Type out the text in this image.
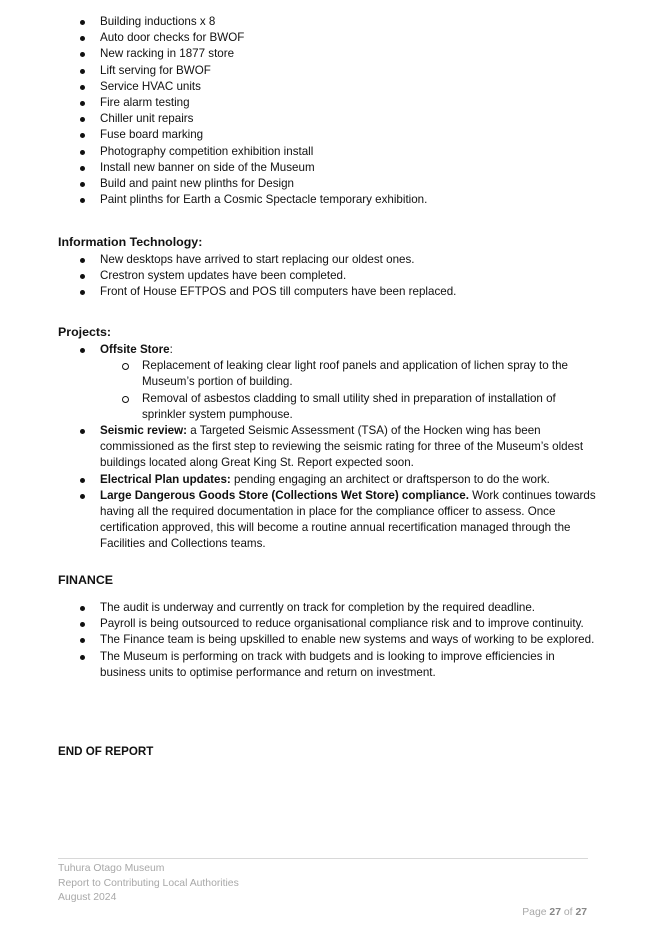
Building inductions x 8
Auto door checks for BWOF
New racking in 1877 store
Lift serving for BWOF
Service HVAC units
Fire alarm testing
Chiller unit repairs
Fuse board marking
Photography competition exhibition install
Install new banner on side of the Museum
Build and paint new plinths for Design
Paint plinths for Earth a Cosmic Spectacle temporary exhibition.
Information Technology:
New desktops have arrived to start replacing our oldest ones.
Crestron system updates have been completed.
Front of House EFTPOS and POS till computers have been replaced.
Projects:
Offsite Store:
Replacement of leaking clear light roof panels and application of lichen spray to the Museum’s portion of building.
Removal of asbestos cladding to small utility shed in preparation of installation of sprinkler system pumphouse.
Seismic review: a Targeted Seismic Assessment (TSA) of the Hocken wing has been commissioned as the first step to reviewing the seismic rating for three of the Museum’s oldest buildings located along Great King St. Report expected soon.
Electrical Plan updates: pending engaging an architect or draftsperson to do the work.
Large Dangerous Goods Store (Collections Wet Store) compliance. Work continues towards having all the required documentation in place for the compliance officer to assess. Once certification approved, this will become a routine annual recertification managed through the Facilities and Collections teams.
FINANCE
The audit is underway and currently on track for completion by the required deadline.
Payroll is being outsourced to reduce organisational compliance risk and to improve continuity.
The Finance team is being upskilled to enable new systems and ways of working to be explored.
The Museum is performing on track with budgets and is looking to improve efficiencies in business units to optimise performance and return on investment.
END OF REPORT
Tuhura Otago Museum
Report to Contributing Local Authorities
August 2024
Page 27 of 27
